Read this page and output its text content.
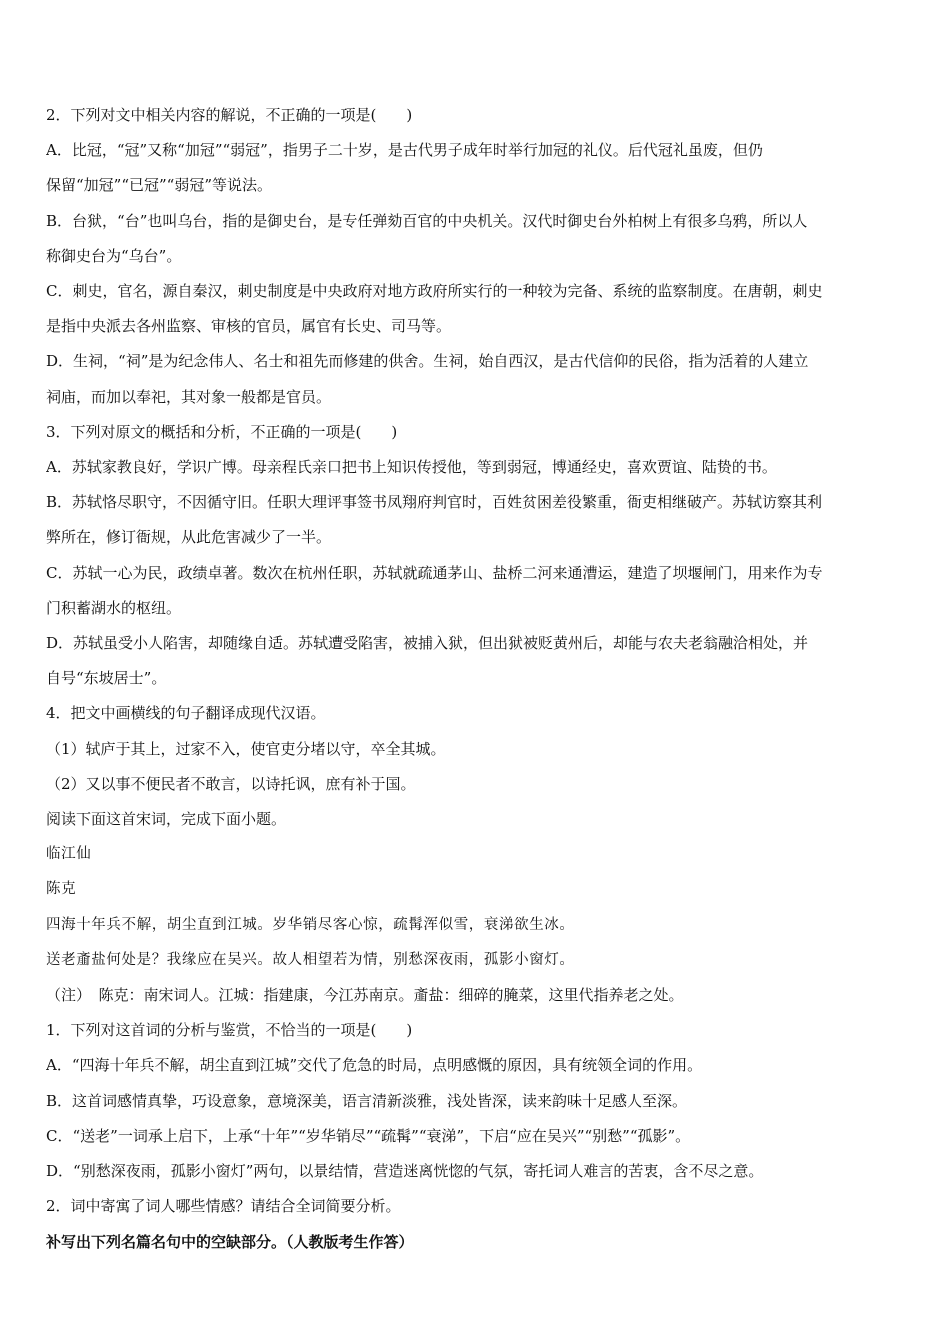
2．下列对文中相关内容的解说，不正确的一项是(　　)
A．比冠，“冠”又称“加冠”“弱冠”，指男子二十岁，是古代男子成年时举行加冠的礼仪。后代冠礼虽废，但仍
保留“加冠”“已冠”“弱冠”等说法。
B．台狱，“台”也叫乌台，指的是御史台，是专任弹劾百官的中央机关。汉代时御史台外柏树上有很多乌鸦，所以人
称御史台为“乌台”。
C．刺史，官名，源自秦汉，刺史制度是中央政府对地方政府所实行的一种较为完备、系统的监察制度。在唐朝，刺史
是指中央派去各州监察、审核的官员，属官有长史、司马等。
D．生祠，“祠”是为纪念伟人、名士和祖先而修建的供舍。生祠，始自西汉，是古代信仰的民俗，指为活着的人建立
祠庙，而加以奉祀，其对象一般都是官员。
3．下列对原文的概括和分析，不正确的一项是(　　)
A．苏轼家教良好，学识广博。母亲程氏亲口把书上知识传授他，等到弱冠，博通经史，喜欢贾谊、陆贽的书。
B．苏轼恪尽职守，不因循守旧。任职大理评事签书凤翔府判官时，百姓贫困差役繁重，衙吏相继破产。苏轼访察其利
弊所在，修订衙规，从此危害减少了一半。
C．苏轼一心为民，政绩卓著。数次在杭州任职，苏轼就疏通茅山、盐桥二河来通漕运，建造了坝堰闸门，用来作为专
门积蓄湖水的枢纽。
D．苏轼虽受小人陷害，却随缘自适。苏轼遭受陷害，被捕入狱，但出狱被贬黄州后，却能与农夫老翁融洽相处，并
自号“东坡居士”。
4．把文中画横线的句子翻译成现代汉语。
（1）轼庐于其上，过家不入，使官吏分堵以守，卒全其城。
（2）又以事不便民者不敢言，以诗托讽，庶有补于国。
阅读下面这首宋词，完成下面小题。
临江仙
陈克
四海十年兵不解，胡尘直到江城。岁华销尽客心惊，疏髯浑似雪，衰涕欲生冰。
送老齑盐何处是？我缘应在吴兴。故人相望若为情，别愁深夜雨，孤影小窗灯。
（注）　陈克：南宋词人。江城：指建康，今江苏南京。齑盐：细碎的腌菜，这里代指养老之处。
1．下列对这首词的分析与鉴赏，不恰当的一项是(　　)
A．“四海十年兵不解，胡尘直到江城”交代了危急的时局，点明感慨的原因，具有统领全词的作用。
B．这首词感情真挚，巧设意象，意境深美，语言清新淡雅，浅处皆深，读来韵味十足感人至深。
C．“送老”一词承上启下，上承“十年”“岁华销尽”“疏髯”“衰涕”，下启“应在吴兴”“别愁”“孤影”。
D．“别愁深夜雨，孤影小窗灯”两句，以景结情，营造迷离恍惚的气氛，寄托词人难言的苦衷，含不尽之意。
2．词中寄寓了词人哪些情感？请结合全词简要分析。
补写出下列名篇名句中的空缺部分。（人教版考生作答）
